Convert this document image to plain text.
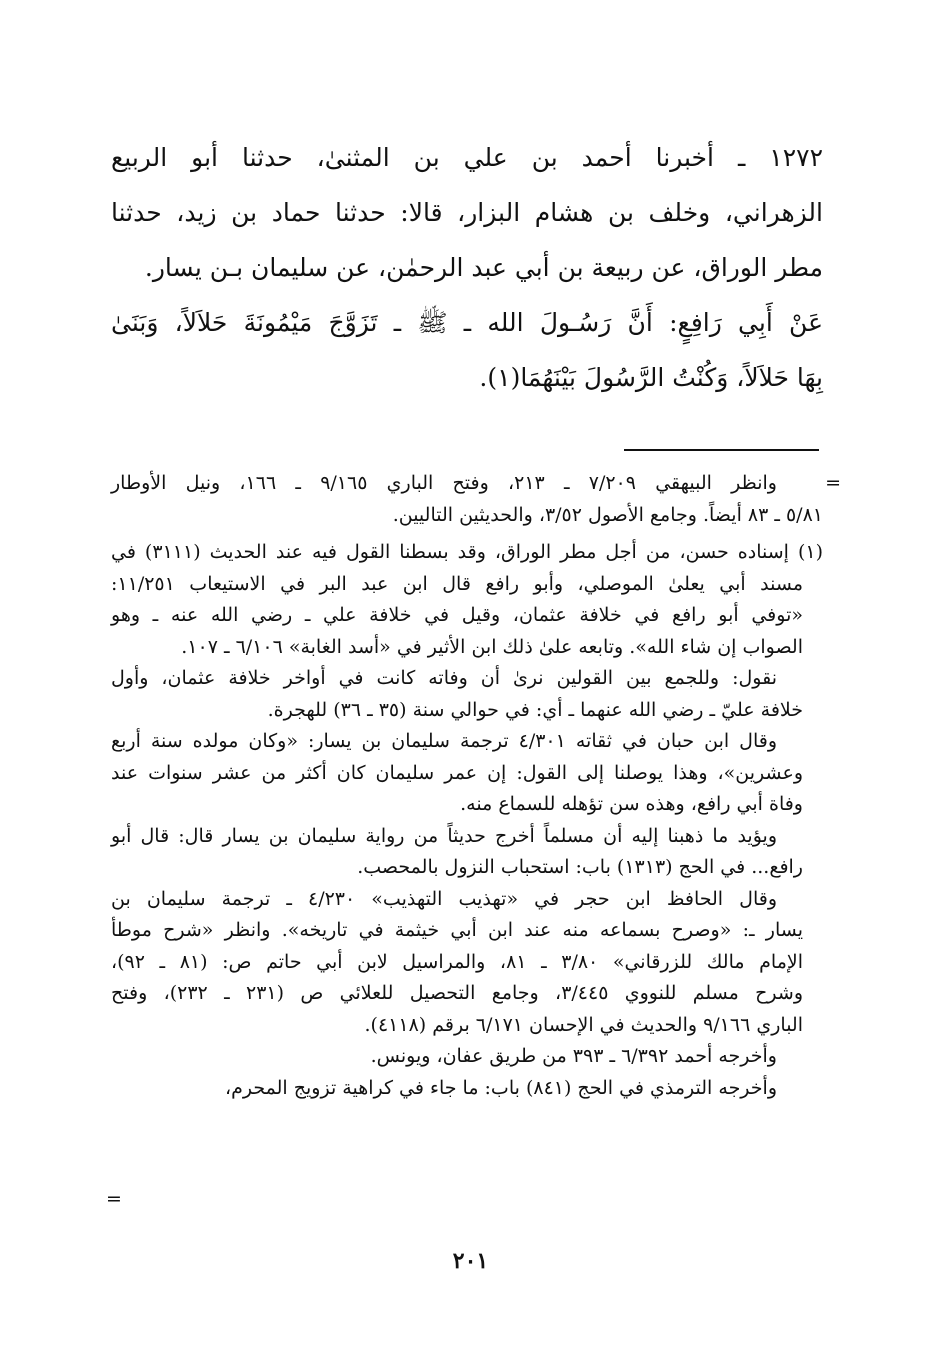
١٢٧٢ ـ أخبرنا أحمد بن علي بن المثنىٰ، حدثنا أبو الربيع
الزهراني، وخلف بن هشام البزار، قالا: حدثنا حماد بن زيد، حدثنا
مطر الوراق، عن ربيعة بن أبي عبد الرحمٰن، عن سليمان بـن يسار.
عَنْ أَبِي رَافِعٍ: أَنَّ رَسُـولَ الله ـ ﷺ ـ تَزَوَّجَ مَيْمُونَةَ حَلاَلاً، وَبَنَىٰ
بِهَا حَلاَلاً، وَكُنْتُ الرَّسُولَ بَيْنَهُمَا(١).
=
وانظر البيهقي ٧/٢٠٩ ـ ٢١٣، وفتح الباري ٩/١٦٥ ـ ١٦٦، ونيل الأوطار
٥/٨١ ـ ٨٣ أيضاً. وجامع الأصول ٣/٥٢، والحديثين التاليين.
(١) إسناده حسن، من أجل مطر الوراق، وقد بسطنا القول فيه عند الحديث (٣١١١) في
مسند أبي يعلىٰ الموصلي، وأبو رافع قال ابن عبد البر في الاستيعاب ١١/٢٥١:
«توفي أبو رافع في خلافة عثمان، وقيل في خلافة علي ـ رضي الله عنه ـ وهو
الصواب إن شاء الله». وتابعه علىٰ ذلك ابن الأثير في «أسد الغابة» ٦/١٠٦ ـ ١٠٧.
نقول: وللجمع بين القولين نرىٰ أن وفاته كانت في أواخر خلافة عثمان، وأول
خلافة عليّ ـ رضي الله عنهما ـ أي: في حوالي سنة (٣٥ ـ ٣٦) للهجرة.
وقال ابن حبان في ثقاته ٤/٣٠١ ترجمة سليمان بن يسار: «وكان مولده سنة أربع
وعشرين»، وهذا يوصلنا إلى القول: إن عمر سليمان كان أكثر من عشر سنوات عند
وفاة أبي رافع، وهذه سن تؤهله للسماع منه.
ويؤيد ما ذهبنا إليه أن مسلماً أخرج حديثاً من رواية سليمان بن يسار قال: قال أبو
رافع... في الحج (١٣١٣) باب: استحباب النزول بالمحصب.
وقال الحافظ ابن حجر في «تهذيب التهذيب» ٤/٢٣٠ ـ ترجمة سليمان بن
يسار ـ: «وصرح بسماعه منه عند ابن أبي خيثمة في تاريخه». وانظر «شرح موطأ
الإمام مالك للزرقاني» ٣/٨٠ ـ ٨١، والمراسيل لابن أبي حاتم ص: (٨١ ـ ٩٢)،
وشرح مسلم للنووي ٣/٤٤٥، وجامع التحصيل للعلائي ص (٢٣١ ـ ٢٣٢)، وفتح
الباري ٩/١٦٦ والحديث في الإحسان ٦/١٧١ برقم (٤١١٨).
وأخرجه أحمد ٦/٣٩٢ ـ ٣٩٣ من طريق عفان، ويونس.
وأخرجه الترمذي في الحج (٨٤١) باب: ما جاء في كراهية تزويج المحرم،
=
٢٠١
